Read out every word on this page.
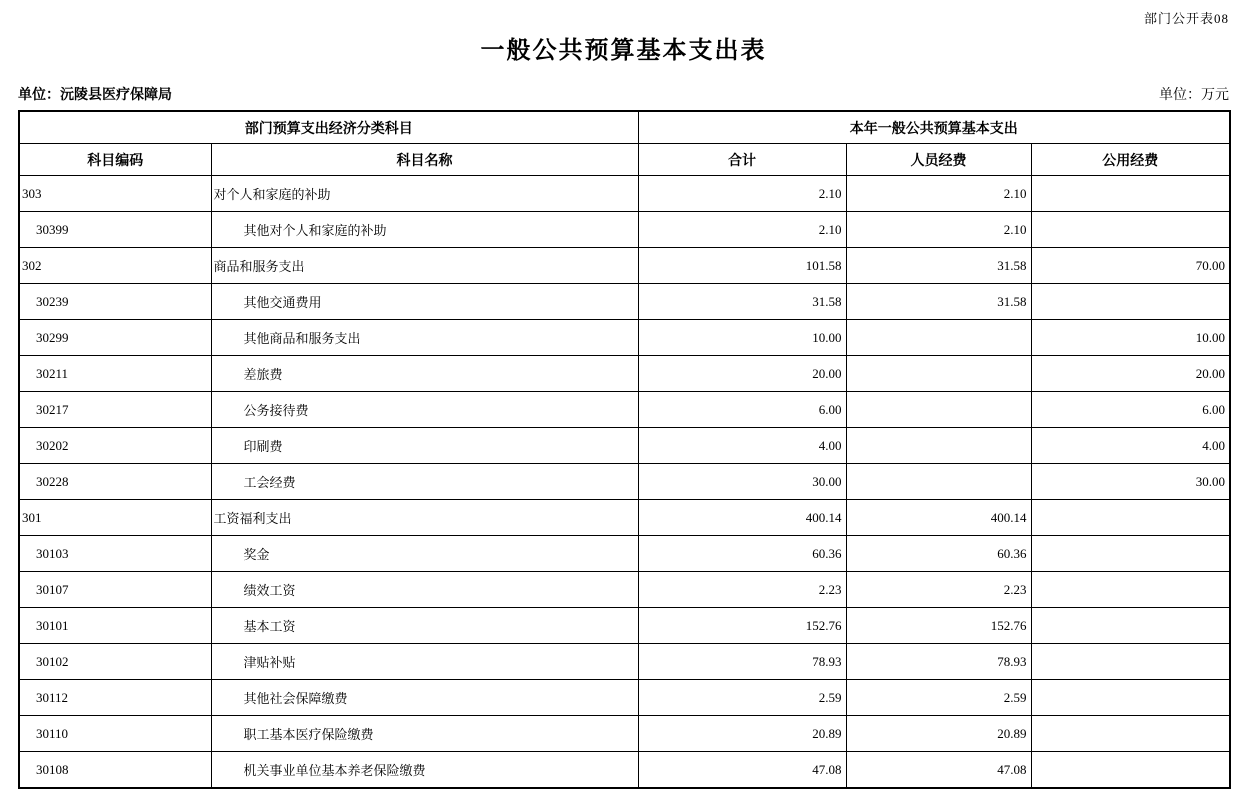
部门公开表08
一般公共预算基本支出表
单位：沅陵县医疗保障局	单位：万元
部门预算支出经济分类科目		本年一般公共预算基本支出		
科目编码	科目名称	合计	人员经费	公用经费
303	对个人和家庭的补助	2.10	2.10	
30399	其他对个人和家庭的补助	2.10	2.10	
302	商品和服务支出	101.58	31.58	70.00
30239	其他交通费用	31.58	31.58	
30299	其他商品和服务支出	10.00		10.00
30211	差旅费	20.00		20.00
30217	公务接待费	6.00		6.00
30202	印刷费	4.00		4.00
30228	工会经费	30.00		30.00
301	工资福利支出	400.14	400.14	
30103	奖金	60.36	60.36	
30107	绩效工资	2.23	2.23	
30101	基本工资	152.76	152.76	
30102	津贴补贴	78.93	78.93	
30112	其他社会保障缴费	2.59	2.59	
30110	职工基本医疗保险缴费	20.89	20.89	
30108	机关事业单位基本养老保险缴费	47.08	47.08	
